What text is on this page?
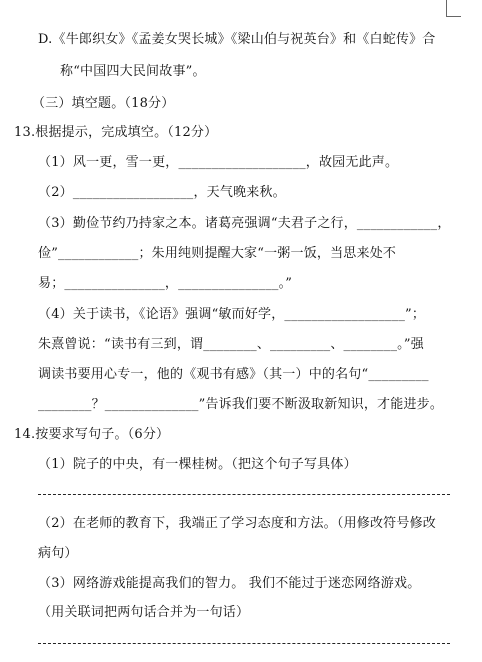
D.《牛郎织女》《孟姜女哭长城》《梁山伯与祝英台》和《白蛇传》合
称“中国四大民间故事”。
（三）填空题。（18分）
13.根据提示，完成填空。（12分）
（1）风一更，雪一更，___________________，故园无此声。
（2）__________________，天气晚来秋。
（3）勤俭节约乃持家之本。诸葛亮强调“夫君子之行，____________，
俭”____________；朱用纯则提醒大家“一粥一饭，当思来处不
易；_______________，_______________。”
（4）关于读书，《论语》强调“敏而好学，__________________”；
朱熹曾说：“读书有三到，谓________、_________、________。”强
调读书要用心专一，他的《观书有感》（其一）中的名句“_________
________？______________”告诉我们要不断汲取新知识，才能进步。
14.按要求写句子。（6分）
（1）院子的中央，有一棵桂树。（把这个句子写具体）
（2）在老师的教育下，我端正了学习态度和方法。（用修改符号修改
病句）
（3）网络游戏能提高我们的智力。 我们不能过于迷恋网络游戏。
（用关联词把两句话合并为一句话）
